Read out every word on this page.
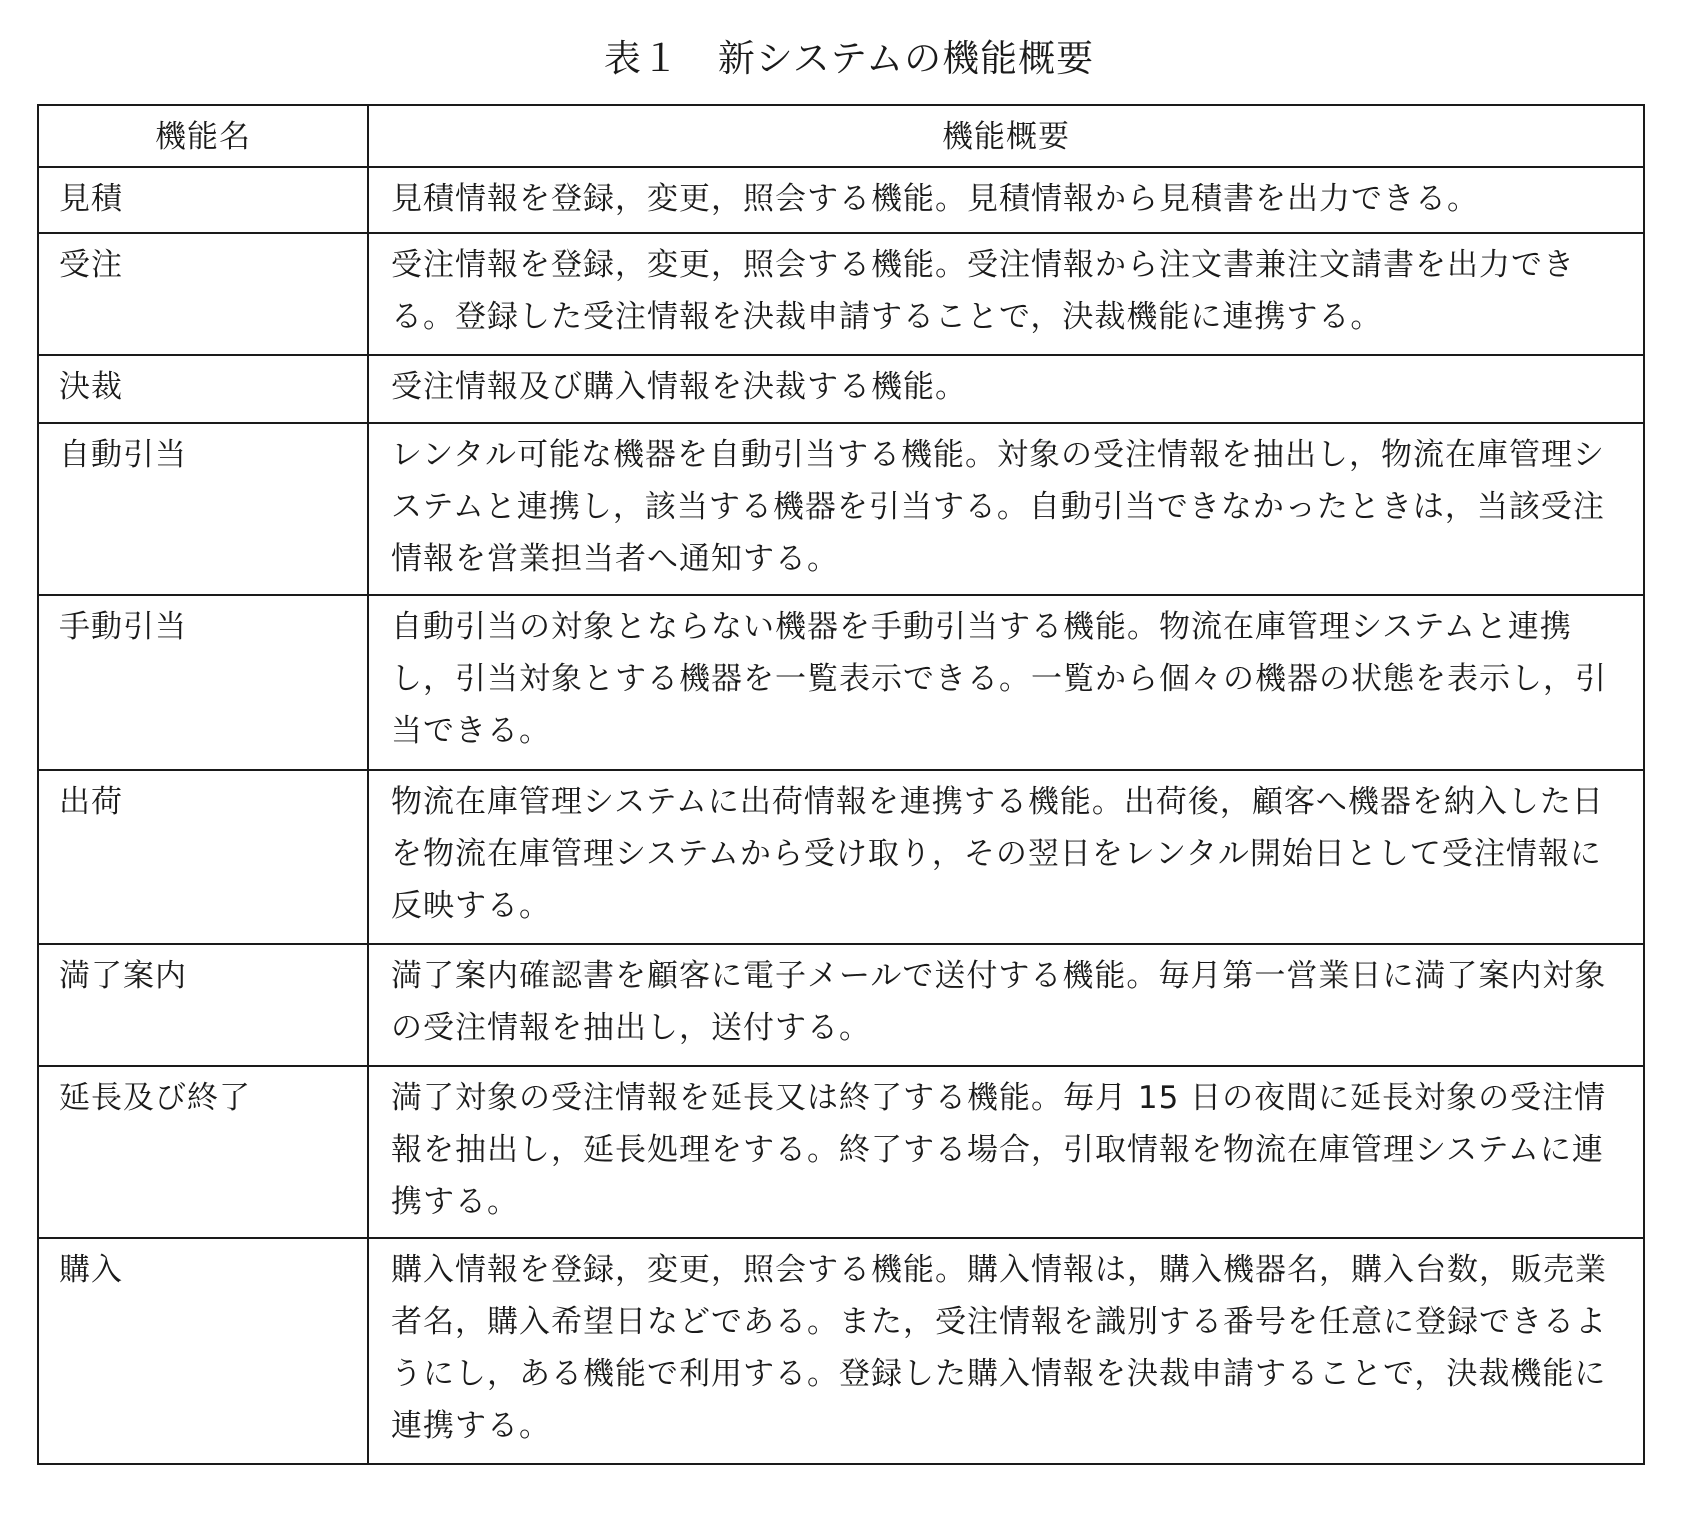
表１　新システムの機能概要
機能名	機能概要
見積	見積情報を登録，変更，照会する機能。見積情報から見積書を出力できる。
受注	受注情報を登録，変更，照会する機能。受注情報から注文書兼注文請書を出力できる。登録した受注情報を決裁申請することで，決裁機能に連携する。
決裁	受注情報及び購入情報を決裁する機能。
自動引当	レンタル可能な機器を自動引当する機能。対象の受注情報を抽出し，物流在庫管理システムと連携し，該当する機器を引当する。自動引当できなかったときは，当該受注情報を営業担当者へ通知する。
手動引当	自動引当の対象とならない機器を手動引当する機能。物流在庫管理システムと連携し，引当対象とする機器を一覧表示できる。一覧から個々の機器の状態を表示し，引当できる。
出荷	物流在庫管理システムに出荷情報を連携する機能。出荷後，顧客へ機器を納入した日を物流在庫管理システムから受け取り，その翌日をレンタル開始日として受注情報に反映する。
満了案内	満了案内確認書を顧客に電子メールで送付する機能。毎月第一営業日に満了案内対象の受注情報を抽出し，送付する。
延長及び終了	満了対象の受注情報を延長又は終了する機能。毎月 15 日の夜間に延長対象の受注情報を抽出し，延長処理をする。終了する場合，引取情報を物流在庫管理システムに連携する。
購入	購入情報を登録，変更，照会する機能。購入情報は，購入機器名，購入台数，販売業者名，購入希望日などである。また，受注情報を識別する番号を任意に登録できるようにし，ある機能で利用する。登録した購入情報を決裁申請することで，決裁機能に連携する。
